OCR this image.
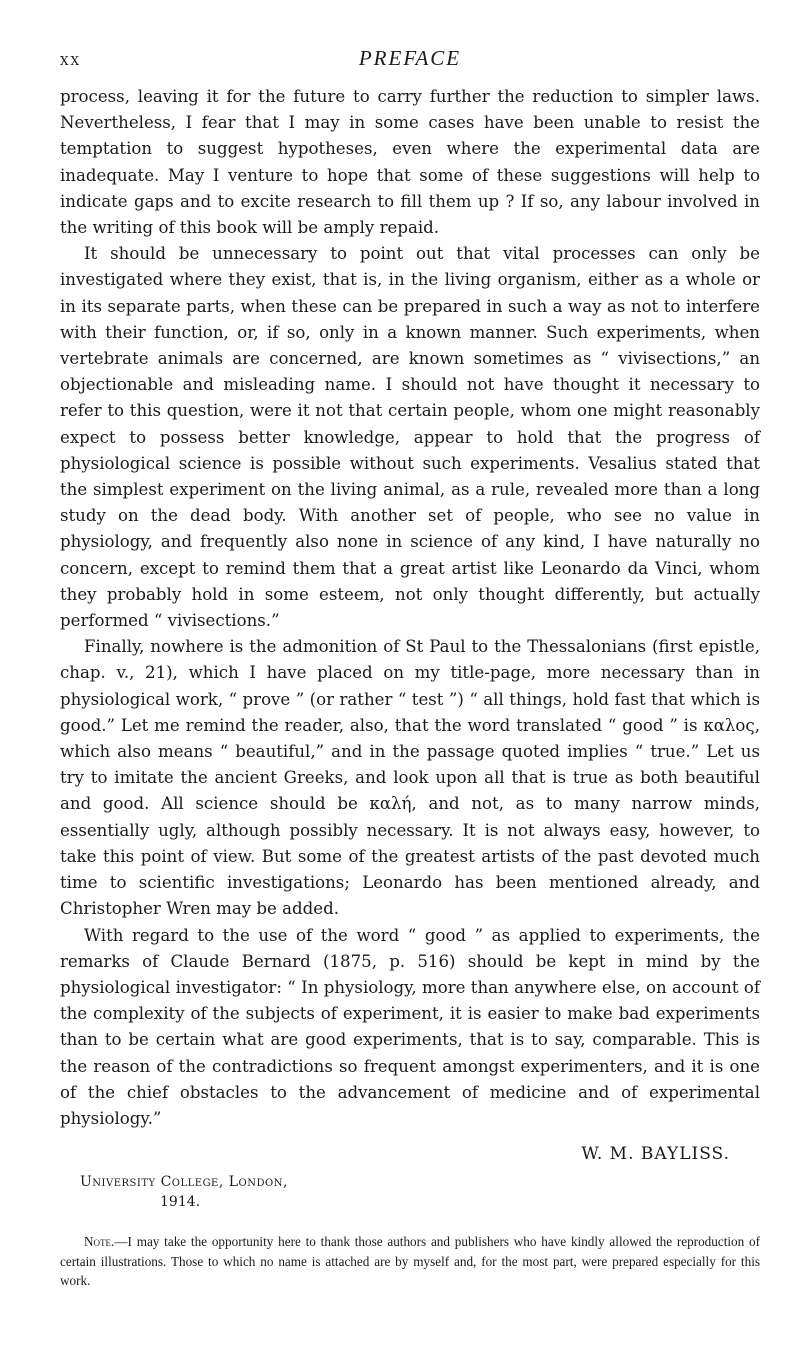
XX	PREFACE

process, leaving it for the future to carry further the reduction to simpler laws. Nevertheless, I fear that I may in some cases have been unable to resist the temptation to suggest hypotheses, even where the experimental data are inadequate. May I venture to hope that some of these suggestions will help to indicate gaps and to excite research to fill them up ? If so, any labour involved in the writing of this book will be amply repaid.

It should be unnecessary to point out that vital processes can only be investigated where they exist, that is, in the living organism, either as a whole or in its separate parts, when these can be prepared in such a way as not to interfere with their function, or, if so, only in a known manner. Such experiments, when vertebrate animals are concerned, are known sometimes as “ vivisections,” an objectionable and misleading name. I should not have thought it necessary to refer to this question, were it not that certain people, whom one might reasonably expect to possess better knowledge, appear to hold that the progress of physiological science is possible without such experiments. Vesalius stated that the simplest experiment on the living animal, as a rule, revealed more than a long study on the dead body. With another set of people, who see no value in physiology, and frequently also none in science of any kind, I have naturally no concern, except to remind them that a great artist like Leonardo da Vinci, whom they probably hold in some esteem, not only thought differently, but actually performed “ vivisections.”

Finally, nowhere is the admonition of St Paul to the Thessalonians (first epistle, chap. v., 21), which I have placed on my title-page, more necessary than in physiological work, “ prove ” (or rather “ test ”) “ all things, hold fast that which is good.” Let me remind the reader, also, that the word translated “ good ” is καλος, which also means “ beautiful,” and in the passage quoted implies “ true.” Let us try to imitate the ancient Greeks, and look upon all that is true as both beautiful and good. All science should be καλή, and not, as to many narrow minds, essentially ugly, although possibly necessary. It is not always easy, however, to take this point of view. But some of the greatest artists of the past devoted much time to scientific investigations; Leonardo has been mentioned already, and Christopher Wren may be added.

With regard to the use of the word “ good ” as applied to experiments, the remarks of Claude Bernard (1875, p. 516) should be kept in mind by the physiological investigator: “ In physiology, more than anywhere else, on account of the complexity of the subjects of experiment, it is easier to make bad experiments than to be certain what are good experiments, that is to say, comparable. This is the reason of the contradictions so frequent amongst experimenters, and it is one of the chief obstacles to the advancement of medicine and of experimental physiology.”

W. M. BAYLISS.
University College, London,
1914.

Note.—I may take the opportunity here to thank those authors and publishers who have kindly allowed the reproduction of certain illustrations. Those to which no name is attached are by myself and, for the most part, were prepared especially for this work.
